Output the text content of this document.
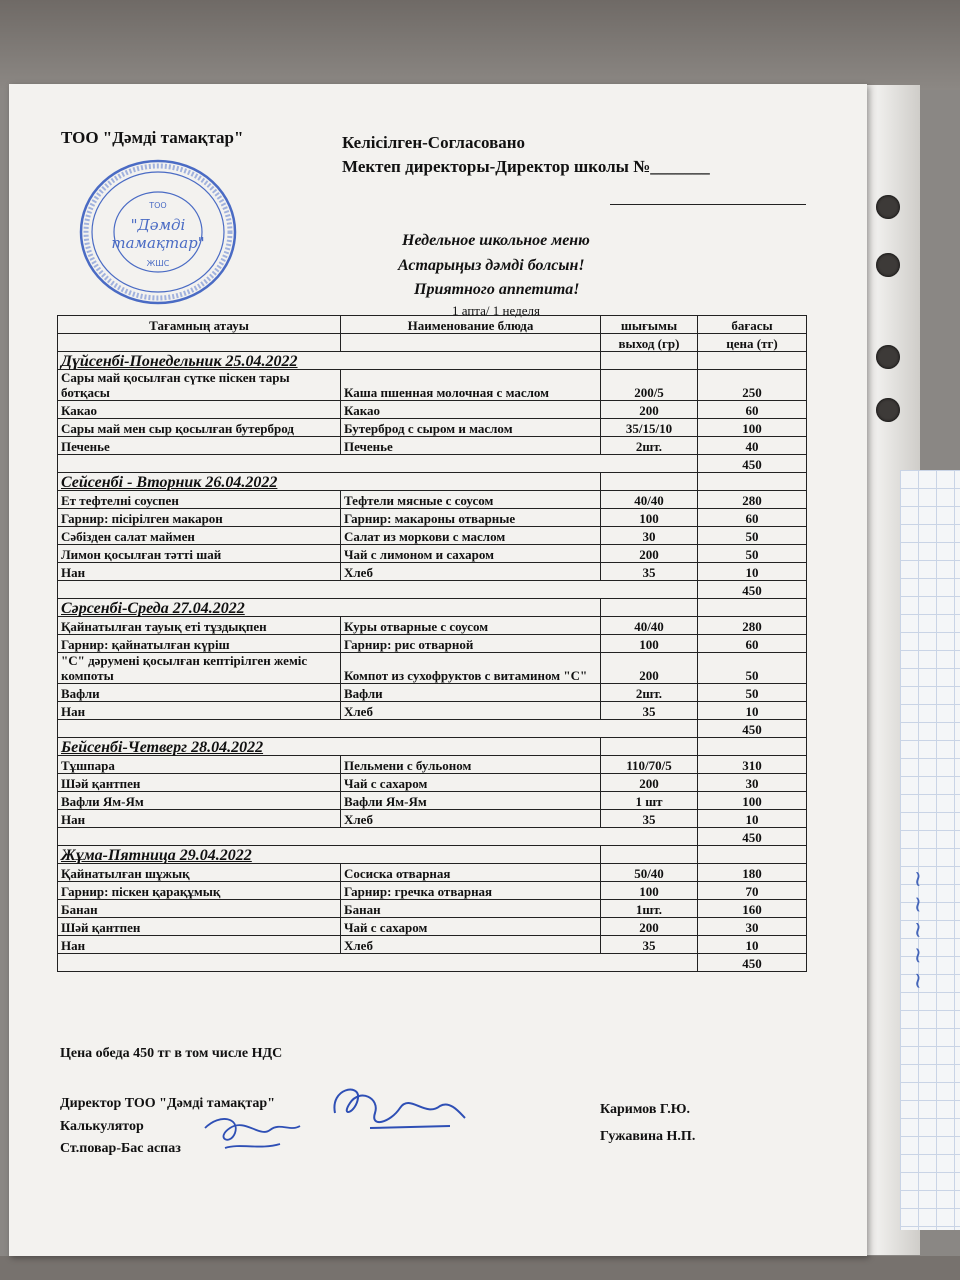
~ ~ ~ ~ ~
ТОО "Дәмді тамақтар"	Келісілген-Согласовано
Мектеп директоры-Директор школы №_______
ТОО
"Дәмді
тамақтар"
ЖШС
Недельное школьное меню
Астарыңыз дәмді болсын!
Приятного аппетита!
1 апта/ 1 неделя
Тағамның атауы	Наименование блюда	шығымы	бағасы
		выход (гр)	цена (тг)
Дүйсенбі-Понедельник 25.04.2022			
Сары май қосылған сүтке піскен тары ботқасы	Каша пшенная молочная с маслом	200/5	250
Какао	Какао	200	60
Сары май мен сыр қосылған бутерброд	Бутерброд с сыром и маслом	35/15/10	100
Печенье	Печенье	2шт.	40
			450
Сейсенбі - Вторник 26.04.2022			
Ет тефтелні соуспен	Тефтели мясные с соусом	40/40	280
Гарнир: пісірілген макарон	Гарнир: макароны отварные	100	60
Сәбізден салат маймен	Салат из моркови с маслом	30	50
Лимон қосылған тәтті шай	Чай с лимоном и сахаром	200	50
Нан	Хлеб	35	10
			450
Сәрсенбі-Среда 27.04.2022			
Қайнатылған тауық еті тұздықпен	Куры отварные с соусом	40/40	280
Гарнир: қайнатылған күріш	Гарнир: рис отварной	100	60
"С" дәрумені қосылған кептірілген жеміс компоты	Компот из сухофруктов с витамином "С"	200	50
Вафли	Вафли	2шт.	50
Нан	Хлеб	35	10
			450
Бейсенбі-Четверг 28.04.2022			
Тұшпара	Пельмени с бульоном	110/70/5	310
Шәй қантпен	Чай с сахаром	200	30
Вафли Ям-Ям	Вафли Ям-Ям	1 шт	100
Нан	Хлеб	35	10
			450
Жұма-Пятница 29.04.2022			
Қайнатылған шұжық	Сосиска отварная	50/40	180
Гарнир: піскен қарақұмық	Гарнир: гречка отварная	100	70
Банан	Банан	1шт.	160
Шәй қантпен	Чай с сахаром	200	30
Нан	Хлеб	35	10
			450
Цена обеда 450 тг в том числе НДС
Директор ТОО "Дәмді тамақтар"
Калькулятор
Ст.повар-Бас аспаз
Каримов Г.Ю.
Гужавина Н.П.
